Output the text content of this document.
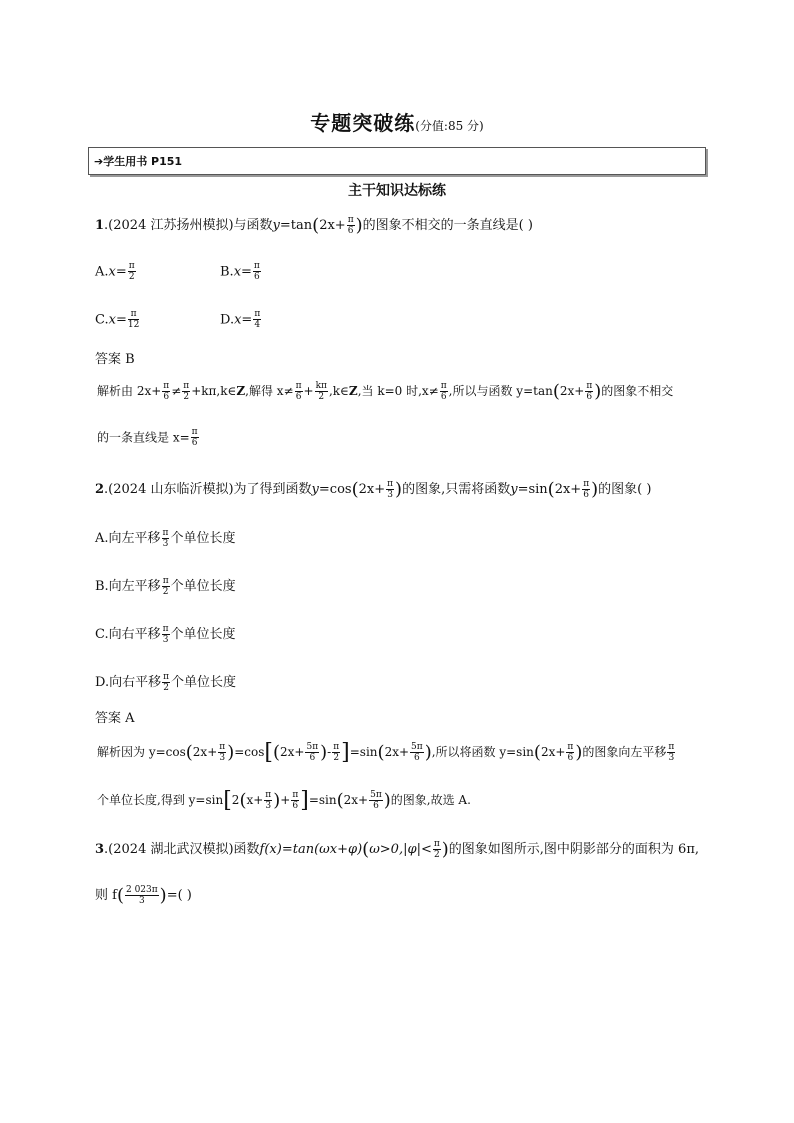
专题突破练(分值:85 分)
➔学生用书 P151
主干知识达标练
1.(2024 江苏扬州模拟)与函数$y=\tan(2x+ \frac{\pi}{6}$ )的图象不相交的一条直线是( )
$A.x= \frac{\pi}{2}$	$B.x= \frac{\pi}{6}$
$C.x= \frac{\pi}{12}$	$D.x= \frac{\pi}{4}$
答案 B
解析由 $2x+ \frac{\pi}{6} \ne \frac{\pi}{2}$ +kπ,k∈Z,解得 $x\ne \frac{\pi}{6} + \frac{k\pi}{2}$ ,k∈Z,当 k=0 时$,x\ne \frac{\pi}{6}$ ,所以与函数 $y=\tan(2x+ \frac{\pi}{6}$ )的图象不相交
的一条直线是 $x= \frac{\pi}{6}$
2.(2024 山东临沂模拟)为了得到函数$y=\cos(2x+ \frac{\pi}{3}$ )的图象,只需将函数$y=\sin(2x+ \frac{\pi}{6}$ )的图象( )
A.向左平移 $\frac{\pi}{3}$ 个单位长度
B.向左平移 $\frac{\pi}{2}$ 个单位长度
C.向右平移 $\frac{\pi}{3}$ 个单位长度
D.向右平移 $\frac{\pi}{2}$ 个单位长度
答案 A
解析因为 $y=\cos(2x+ \frac{\pi}{3} )=\cos[(2x+ \frac{5\pi}{6}$ )- $\frac{\pi}{2} ]=\sin(2x+ \frac{5\pi}{6}$ ),所以将函数 $y=\sin(2x+ \frac{\pi}{6}$ )的图象向左平移 $\frac{\pi}{3}$
个单位长度,得到 $y=\sin[2(x+ \frac{\pi}{3}$ )+ $\frac{\pi}{6} ]=\sin(2x+ \frac{5\pi}{6}$ )的图象,故选 A.
3.(2024 湖北武汉模拟)函数$f(x)=\tan(\omega x+\varphi)(\omega>0,|\varphi|< \frac{\pi}{2}$ )的图象如图所示,图中阴影部分的面积为 6π,
则 $f( \frac{2 023\pi}{3}$ )=( )
